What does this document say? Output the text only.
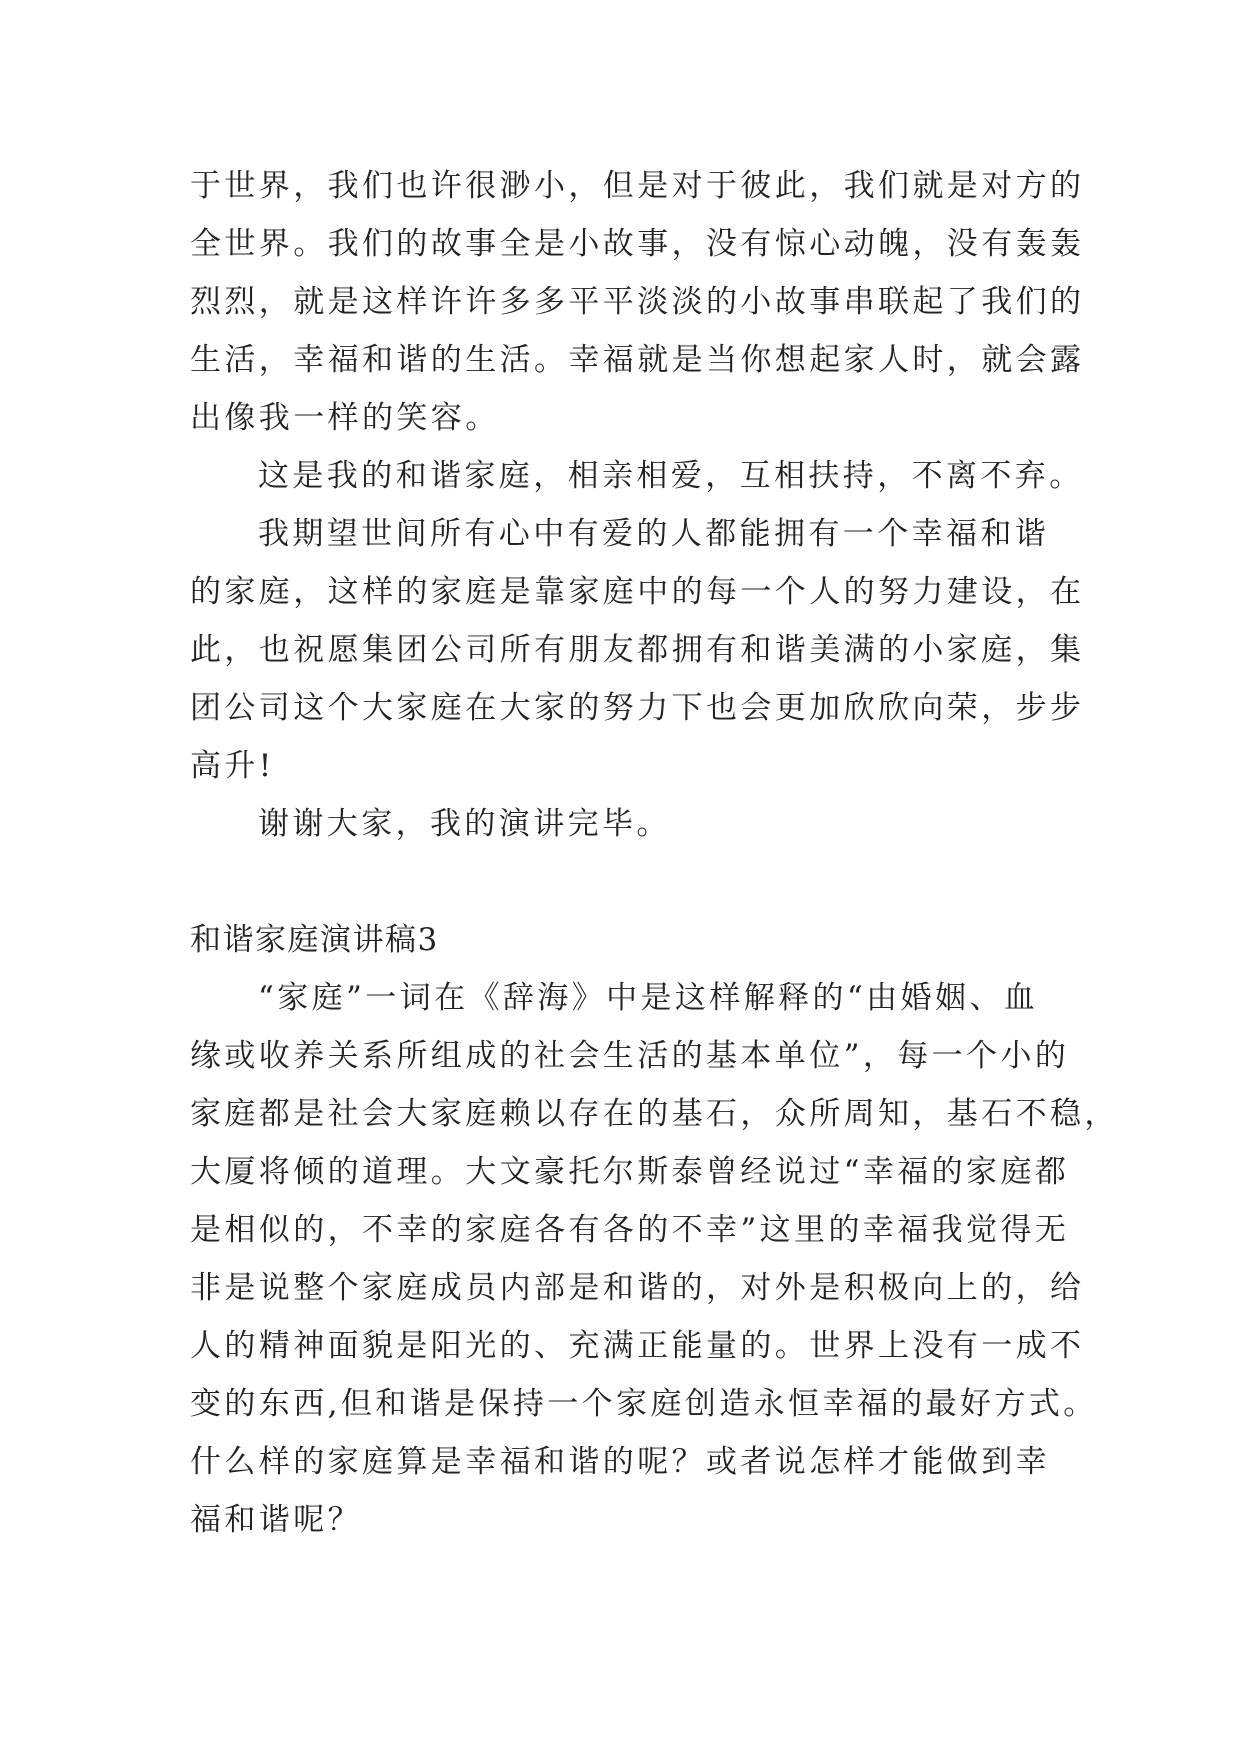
于世界，我们也许很渺小，但是对于彼此，我们就是对方的
全世界。我们的故事全是小故事，没有惊心动魄，没有轰轰
烈烈，就是这样许许多多平平淡淡的小故事串联起了我们的
生活，幸福和谐的生活。幸福就是当你想起家人时，就会露
出像我一样的笑容。
这是我的和谐家庭，相亲相爱，互相扶持，不离不弃。
我期望世间所有心中有爱的人都能拥有一个幸福和谐
的家庭，这样的家庭是靠家庭中的每一个人的努力建设，在
此，也祝愿集团公司所有朋友都拥有和谐美满的小家庭，集
团公司这个大家庭在大家的努力下也会更加欣欣向荣，步步
高升!
谢谢大家，我的演讲完毕。
和谐家庭演讲稿3
“家庭”一词在《辞海》中是这样解释的“由婚姻、血
缘或收养关系所组成的社会生活的基本单位”，每一个小的
家庭都是社会大家庭赖以存在的基石，众所周知，基石不稳，
大厦将倾的道理。大文豪托尔斯泰曾经说过“幸福的家庭都
是相似的，不幸的家庭各有各的不幸”这里的幸福我觉得无
非是说整个家庭成员内部是和谐的，对外是积极向上的，给
人的精神面貌是阳光的、充满正能量的。世界上没有一成不
变的东西,但和谐是保持一个家庭创造永恒幸福的最好方式。
什么样的家庭算是幸福和谐的呢？或者说怎样才能做到幸
福和谐呢？
